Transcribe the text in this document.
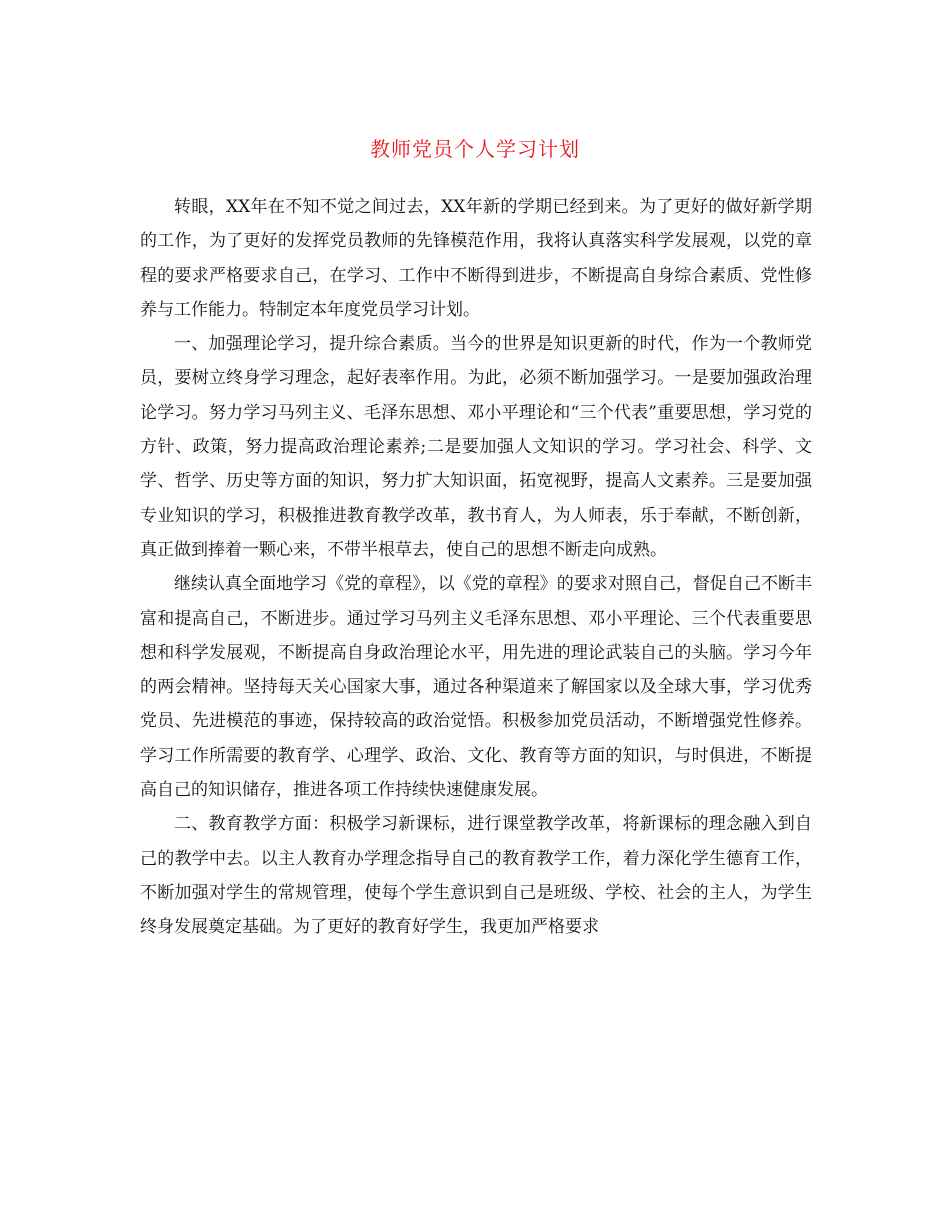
教师党员个人学习计划

转眼，XX年在不知不觉之间过去，XX年新的学期已经到来。为了更好的做好新学期的工作，为了更好的发挥党员教师的先锋模范作用，我将认真落实科学发展观，以党的章程的要求严格要求自己，在学习、工作中不断得到进步，不断提高自身综合素质、党性修养与工作能力。特制定本年度党员学习计划。

一、加强理论学习，提升综合素质。当今的世界是知识更新的时代，作为一个教师党员，要树立终身学习理念，起好表率作用。为此，必须不断加强学习。一是要加强政治理论学习。努力学习马列主义、毛泽东思想、邓小平理论和“三个代表”重要思想，学习党的方针、政策，努力提高政治理论素养;二是要加强人文知识的学习。学习社会、科学、文学、哲学、历史等方面的知识，努力扩大知识面，拓宽视野，提高人文素养。三是要加强专业知识的学习，积极推进教育教学改革，教书育人，为人师表，乐于奉献，不断创新，真正做到捧着一颗心来，不带半根草去，使自己的思想不断走向成熟。

继续认真全面地学习《党的章程》，以《党的章程》的要求对照自己，督促自己不断丰富和提高自己，不断进步。通过学习马列主义毛泽东思想、邓小平理论、三个代表重要思想和科学发展观，不断提高自身政治理论水平，用先进的理论武装自己的头脑。学习今年的两会精神。坚持每天关心国家大事，通过各种渠道来了解国家以及全球大事，学习优秀党员、先进模范的事迹，保持较高的政治觉悟。积极参加党员活动，不断增强党性修养。学习工作所需要的教育学、心理学、政治、文化、教育等方面的知识，与时俱进，不断提高自己的知识储存，推进各项工作持续快速健康发展。

二、教育教学方面：积极学习新课标，进行课堂教学改革，将新课标的理念融入到自己的教学中去。以主人教育办学理念指导自己的教育教学工作，着力深化学生德育工作，不断加强对学生的常规管理，使每个学生意识到自己是班级、学校、社会的主人，为学生终身发展奠定基础。为了更好的教育好学生，我更加严格要求
